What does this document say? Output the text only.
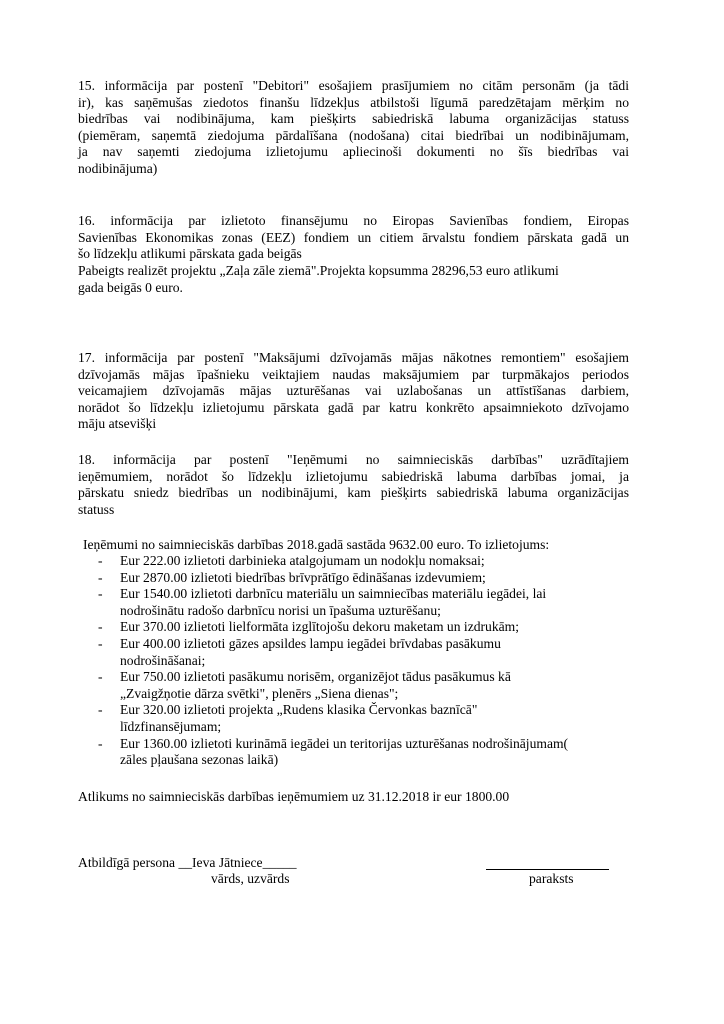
15. informācija par postenī "Debitori" esošajiem prasījumiem no citām personām (ja tādi
ir), kas saņēmušas ziedotos finanšu līdzekļus atbilstoši līgumā paredzētajam mērķim no
biedrības vai nodibinājuma, kam piešķirts sabiedriskā labuma organizācijas statuss
(piemēram, saņemtā ziedojuma pārdalīšana (nodošana) citai biedrībai un nodibinājumam,
ja nav saņemti ziedojuma izlietojumu apliecinoši dokumenti no šīs biedrības vai
nodibinājuma)

16. informācija par izlietoto finansējumu no Eiropas Savienības fondiem, Eiropas
Savienības Ekonomikas zonas (EEZ) fondiem un citiem ārvalstu fondiem pārskata gadā un
šo līdzekļu atlikumi pārskata gada beigās

Pabeigts realizēt projektu „Zaļa zāle ziemā".Projekta kopsumma 28296,53 euro atlikumi
gada beigās 0 euro.

17. informācija par postenī "Maksājumi dzīvojamās mājas nākotnes remontiem" esošajiem
dzīvojamās mājas īpašnieku veiktajiem naudas maksājumiem par turpmākajos periodos
veicamajiem dzīvojamās mājas uzturēšanas vai uzlabošanas un attīstīšanas darbiem,
norādot šo līdzekļu izlietojumu pārskata gadā par katru konkrēto apsaimniekoto dzīvojamo
māju atsevišķi

18. informācija par postenī "Ieņēmumi no saimnieciskās darbības" uzrādītajiem
ieņēmumiem, norādot šo līdzekļu izlietojumu sabiedriskā labuma darbības jomai, ja
pārskatu sniedz biedrības un nodibinājumi, kam piešķirts sabiedriskā labuma organizācijas
statuss

Ieņēmumi no saimnieciskās darbības 2018.gadā sastāda 9632.00 euro. To izlietojums:

- Eur 222.00 izlietoti darbinieka atalgojumam un nodokļu nomaksai;
- Eur 2870.00 izlietoti biedrības brīvprātīgo ēdināšanas izdevumiem;
- Eur 1540.00 izlietoti darbnīcu materiālu un saimniecības materiālu iegādei, lai
nodrošinātu radošo darbnīcu norisi un īpašuma uzturēšanu;
- Eur 370.00 izlietoti lielformāta izglītojošu dekoru maketam un izdrukām;
- Eur 400.00 izlietoti gāzes apsildes lampu iegādei brīvdabas pasākumu
nodrošināšanai;
- Eur 750.00 izlietoti pasākumu norisēm, organizējot tādus pasākumus kā
„Zvaigžņotie dārza svētki", plenērs „Siena dienas";
- Eur 320.00 izlietoti projekta „Rudens klasika Červonkas baznīcā"
līdzfinansējumam;
- Eur 1360.00 izlietoti kurināmā iegādei un teritorijas uzturēšanas nodrošinājumam(
zāles pļaušana sezonas laikā)

Atlikums no saimnieciskās darbības ieņēmumiem uz 31.12.2018 ir eur 1800.00

Atbildīgā persona __Ieva Jātniece_____
vārds, uzvārds	paraksts
